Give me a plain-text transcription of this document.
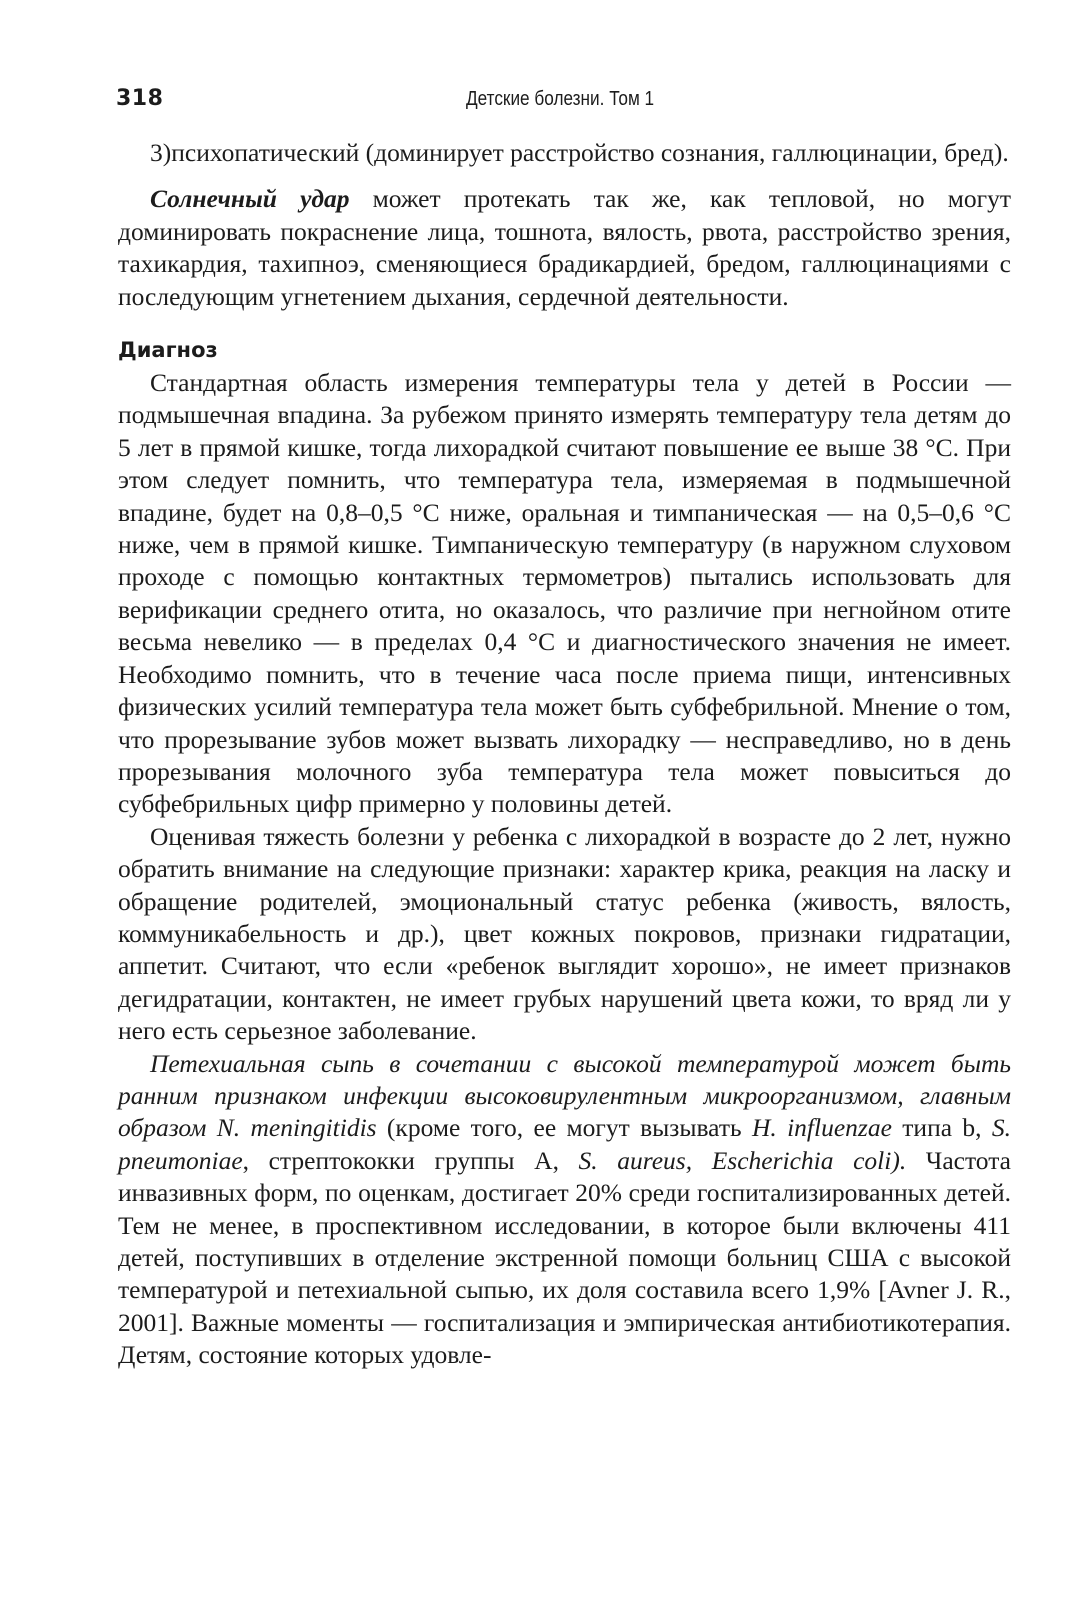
318	Детские болезни. Том 1

3)психопатический (доминирует расстройство сознания, галлюцинации, бред).

Солнечный удар может протекать так же, как тепловой, но могут доминировать покраснение лица, тошнота, вялость, рвота, расстройство зрения, тахикардия, тахипноэ, сменяющиеся брадикардией, бредом, галлюцинациями с последующим угнетением дыхания, сердечной деятельности.

Диагноз

Стандартная область измерения температуры тела у детей в России — подмышечная впадина. За рубежом принято измерять температуру тела детям до 5 лет в прямой кишке, тогда лихорадкой считают повышение ее выше 38 °С. При этом следует помнить, что температура тела, измеряемая в подмышечной впадине, будет на 0,8–0,5 °С ниже, оральная и тимпаническая — на 0,5–0,6 °С ниже, чем в прямой кишке. Тимпаническую температуру (в наружном слуховом проходе с помощью контактных термометров) пытались использовать для верификации среднего отита, но оказалось, что различие при негнойном отите весьма невелико — в пределах 0,4 °С и диагностического значения не имеет. Необходимо помнить, что в течение часа после приема пищи, интенсивных физических усилий температура тела может быть субфебрильной. Мнение о том, что прорезывание зубов может вызвать лихорадку — несправедливо, но в день прорезывания молочного зуба температура тела может повыситься до субфебрильных цифр примерно у половины детей.

Оценивая тяжесть болезни у ребенка с лихорадкой в возрасте до 2 лет, нужно обратить внимание на следующие признаки: характер крика, реакция на ласку и обращение родителей, эмоциональный статус ребенка (живость, вялость, коммуникабельность и др.), цвет кожных покровов, признаки гидратации, аппетит. Считают, что если «ребенок выглядит хорошо», не имеет признаков дегидратации, контактен, не имеет грубых нарушений цвета кожи, то вряд ли у него есть серьезное заболевание.

Петехиальная сыпь в сочетании с высокой температурой может быть ранним признаком инфекции высоковирулентным микроорганизмом, главным образом N. meningitidis (кроме того, ее могут вызывать H. influenzae типа b, S. pneumoniae, стрептококки группы А, S. aureus, Escherichia coli). Частота инвазивных форм, по оценкам, достигает 20% среди госпитализированных детей. Тем не менее, в проспективном исследовании, в которое были включены 411 детей, поступивших в отделение экстренной помощи больниц США с высокой температурой и петехиальной сыпью, их доля составила всего 1,9% [Avner J. R., 2001]. Важные моменты — госпитализация и эмпирическая антибиотикотерапия. Детям, состояние которых удовле-
